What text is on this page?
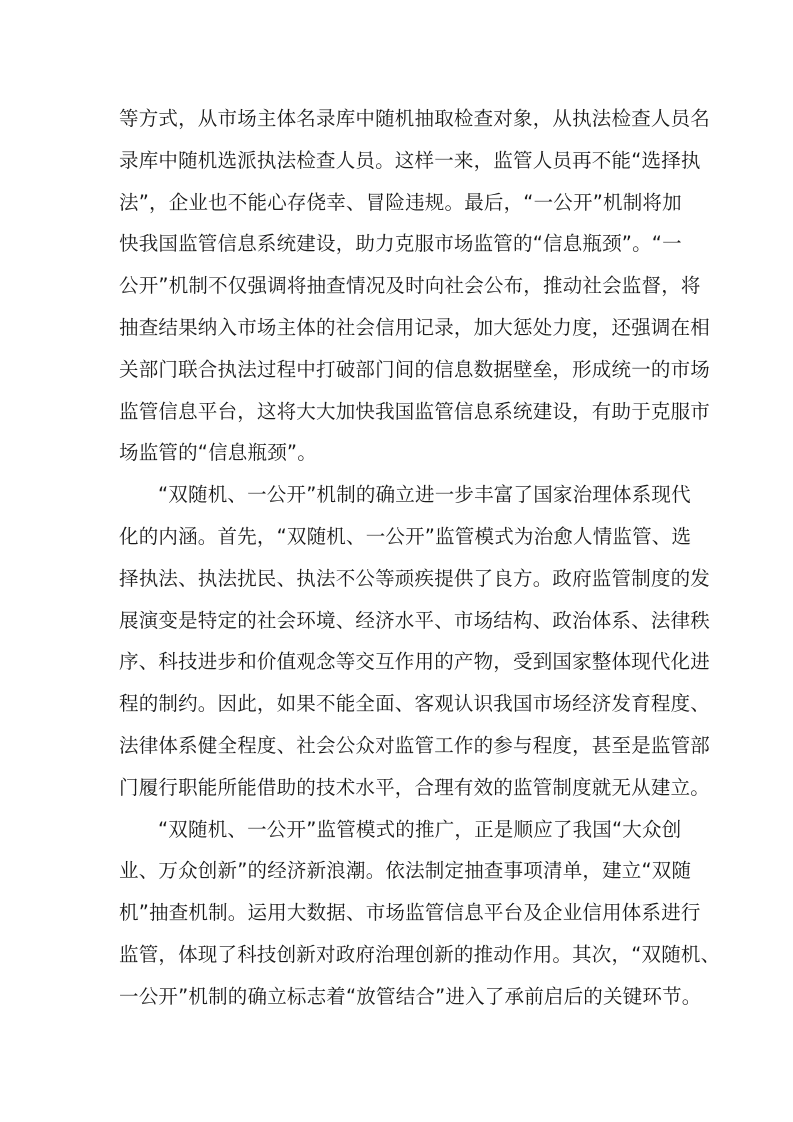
等方式，从市场主体名录库中随机抽取检查对象，从执法检查人员名
录库中随机选派执法检查人员。这样一来，监管人员再不能“选择执
法”，企业也不能心存侥幸、冒险违规。最后，“一公开”机制将加
快我国监管信息系统建设，助力克服市场监管的“信息瓶颈”。“一
公开”机制不仅强调将抽查情况及时向社会公布，推动社会监督，将
抽查结果纳入市场主体的社会信用记录，加大惩处力度，还强调在相
关部门联合执法过程中打破部门间的信息数据壁垒，形成统一的市场
监管信息平台，这将大大加快我国监管信息系统建设，有助于克服市
场监管的“信息瓶颈”。
“双随机、一公开”机制的确立进一步丰富了国家治理体系现代
化的内涵。首先，“双随机、一公开”监管模式为治愈人情监管、选
择执法、执法扰民、执法不公等顽疾提供了良方。政府监管制度的发
展演变是特定的社会环境、经济水平、市场结构、政治体系、法律秩
序、科技进步和价值观念等交互作用的产物，受到国家整体现代化进
程的制约。因此，如果不能全面、客观认识我国市场经济发育程度、
法律体系健全程度、社会公众对监管工作的参与程度，甚至是监管部
门履行职能所能借助的技术水平，合理有效的监管制度就无从建立。
“双随机、一公开”监管模式的推广，正是顺应了我国“大众创
业、万众创新”的经济新浪潮。依法制定抽查事项清单，建立“双随
机”抽查机制。运用大数据、市场监管信息平台及企业信用体系进行
监管，体现了科技创新对政府治理创新的推动作用。其次，“双随机、
一公开”机制的确立标志着“放管结合”进入了承前启后的关键环节。
